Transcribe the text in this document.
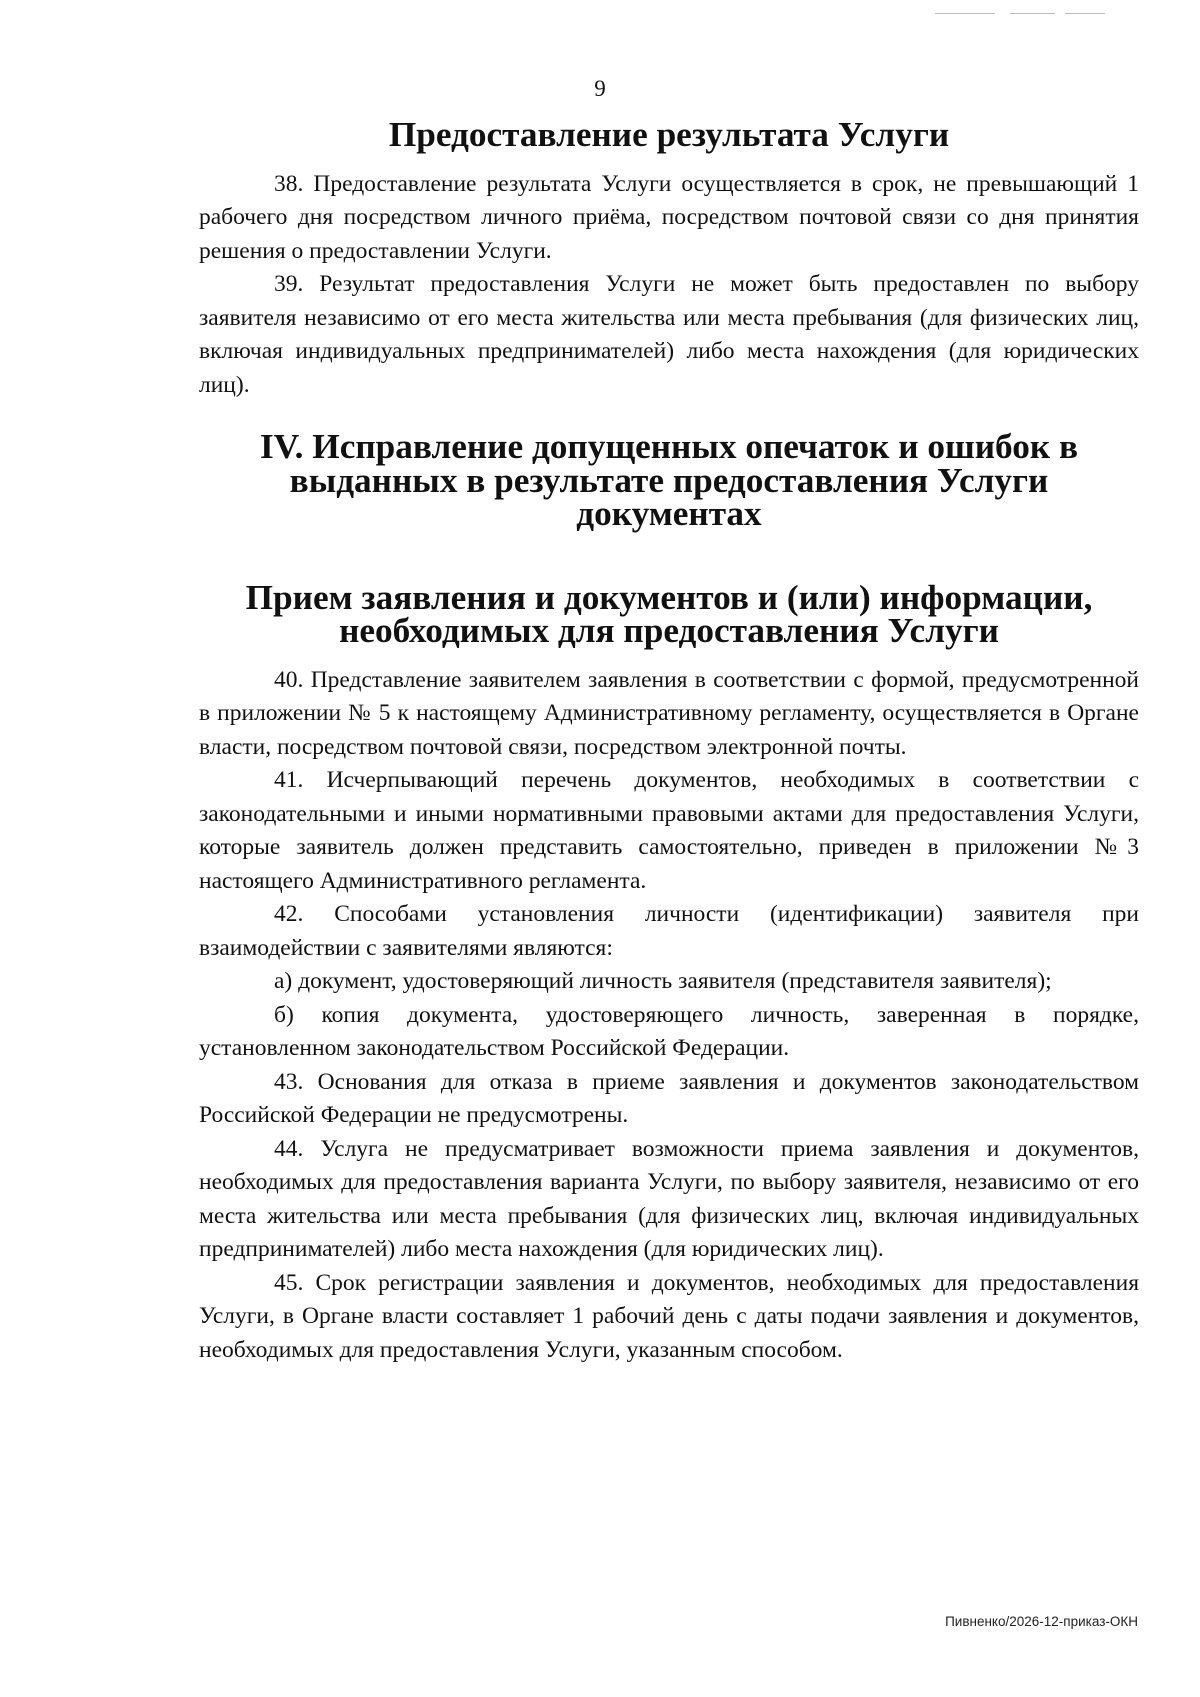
9
Предоставление результата Услуги

38. Предоставление результата Услуги осуществляется в срок, не превышающий 1 рабочего дня посредством личного приёма, посредством почтовой связи со дня принятия решения о предоставлении Услуги.

39. Результат предоставления Услуги не может быть предоставлен по выбору заявителя независимо от его места жительства или места пребывания (для физических лиц, включая индивидуальных предпринимателей) либо места нахождения (для юридических лиц).

IV. Исправление допущенных опечаток и ошибок в выданных в результате предоставления Услуги документах
Прием заявления и документов и (или) информации, необходимых для предоставления Услуги

40. Представление заявителем заявления в соответствии с формой, предусмотренной в приложении № 5 к настоящему Административному регламенту, осуществляется в Органе власти, посредством почтовой связи, посредством электронной почты.

41. Исчерпывающий перечень документов, необходимых в соответствии с законодательными и иными нормативными правовыми актами для предоставления Услуги, которые заявитель должен представить самостоятельно, приведен в приложении №3 настоящего Административного регламента.

42. Способами установления личности (идентификации) заявителя при взаимодействии с заявителями являются:

а) документ, удостоверяющий личность заявителя (представителя заявителя);

б) копия документа, удостоверяющего личность, заверенная в порядке, установленном законодательством Российской Федерации.

43. Основания для отказа в приеме заявления и документов законодательством Российской Федерации не предусмотрены.

44. Услуга не предусматривает возможности приема заявления и документов, необходимых для предоставления варианта Услуги, по выбору заявителя, независимо от его места жительства или места пребывания (для физических лиц, включая индивидуальных предпринимателей) либо места нахождения (для юридических лиц).

45. Срок регистрации заявления и документов, необходимых для предоставления Услуги, в Органе власти составляет 1 рабочий день с даты подачи заявления и документов, необходимых для предоставления Услуги, указанным способом.

Пивненко/2026-12-приказ-ОКН
